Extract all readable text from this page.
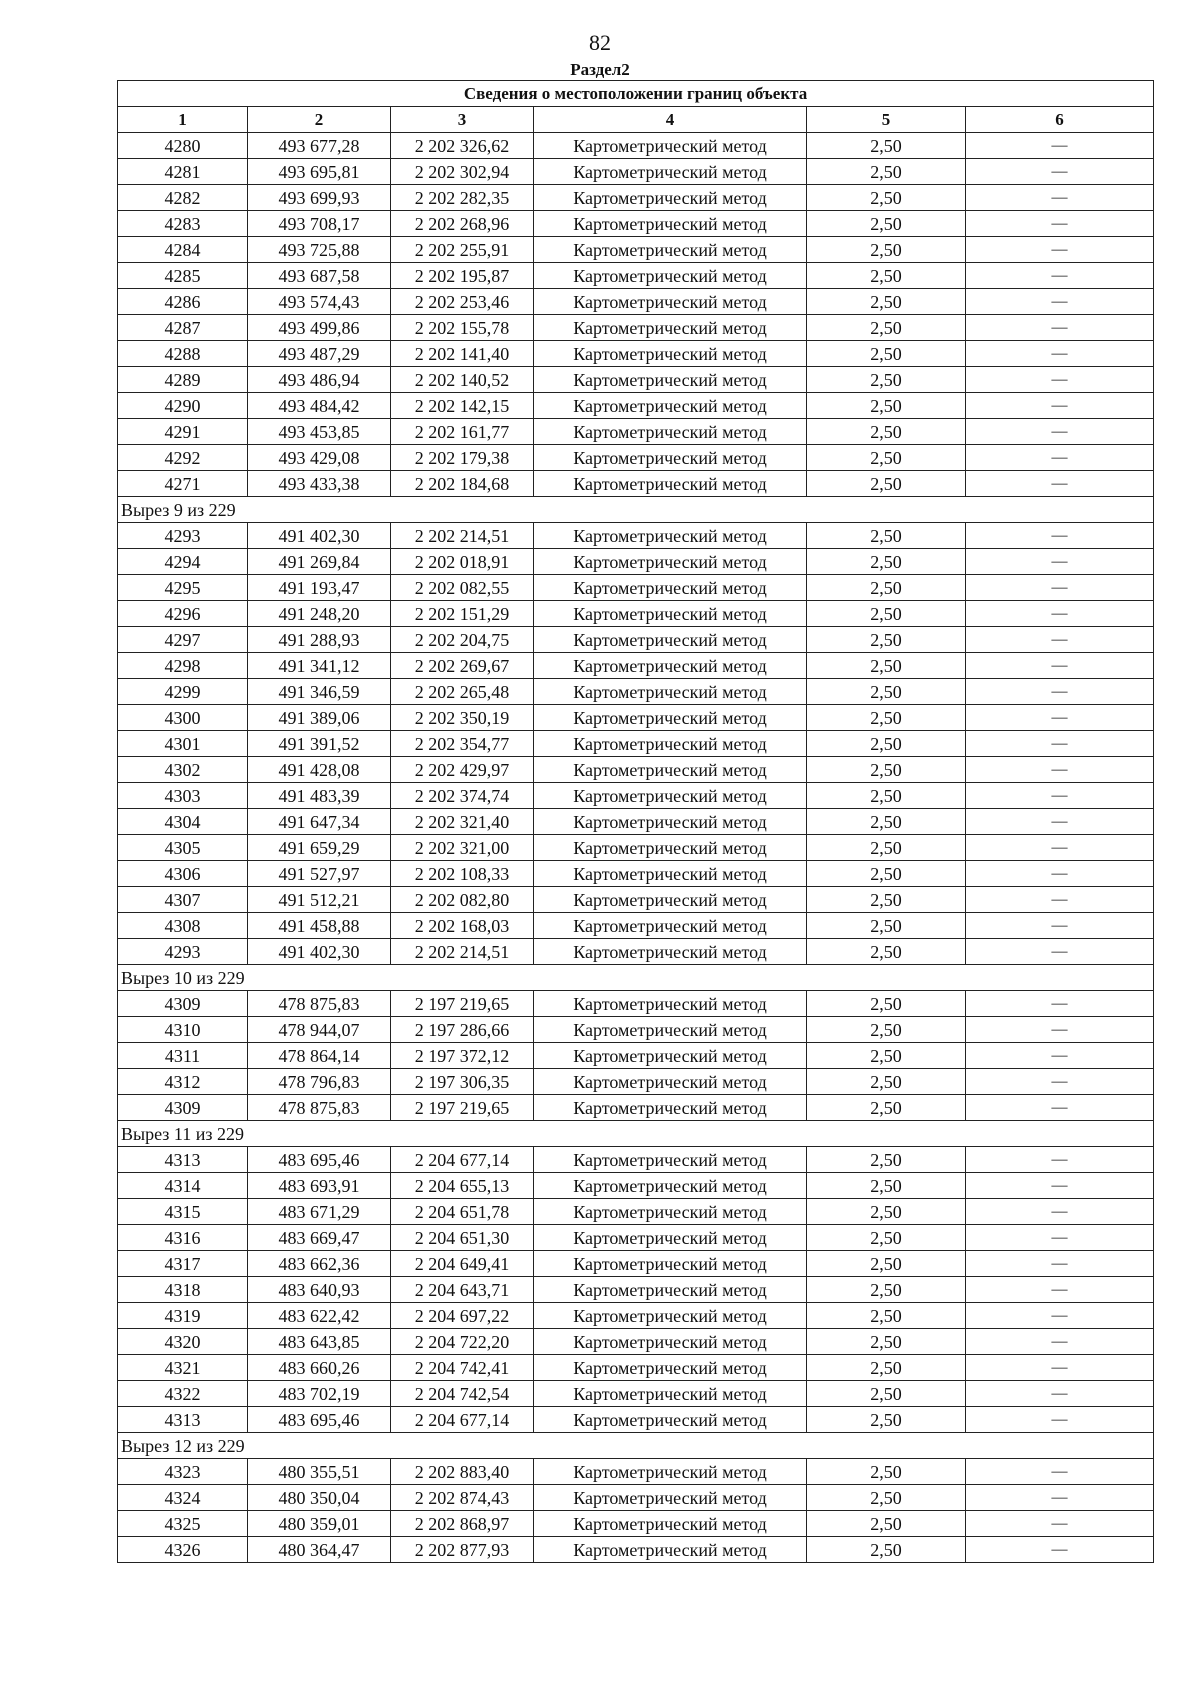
82
Раздел2
Сведения о местоположении границ объекта					
1	2	3	4	5	6
4280	493 677,28	2 202 326,62	Картометрический метод	2,50	—
4281	493 695,81	2 202 302,94	Картометрический метод	2,50	—
4282	493 699,93	2 202 282,35	Картометрический метод	2,50	—
4283	493 708,17	2 202 268,96	Картометрический метод	2,50	—
4284	493 725,88	2 202 255,91	Картометрический метод	2,50	—
4285	493 687,58	2 202 195,87	Картометрический метод	2,50	—
4286	493 574,43	2 202 253,46	Картометрический метод	2,50	—
4287	493 499,86	2 202 155,78	Картометрический метод	2,50	—
4288	493 487,29	2 202 141,40	Картометрический метод	2,50	—
4289	493 486,94	2 202 140,52	Картометрический метод	2,50	—
4290	493 484,42	2 202 142,15	Картометрический метод	2,50	—
4291	493 453,85	2 202 161,77	Картометрический метод	2,50	—
4292	493 429,08	2 202 179,38	Картометрический метод	2,50	—
4271	493 433,38	2 202 184,68	Картометрический метод	2,50	—
Вырез 9 из 229					
4293	491 402,30	2 202 214,51	Картометрический метод	2,50	—
4294	491 269,84	2 202 018,91	Картометрический метод	2,50	—
4295	491 193,47	2 202 082,55	Картометрический метод	2,50	—
4296	491 248,20	2 202 151,29	Картометрический метод	2,50	—
4297	491 288,93	2 202 204,75	Картометрический метод	2,50	—
4298	491 341,12	2 202 269,67	Картометрический метод	2,50	—
4299	491 346,59	2 202 265,48	Картометрический метод	2,50	—
4300	491 389,06	2 202 350,19	Картометрический метод	2,50	—
4301	491 391,52	2 202 354,77	Картометрический метод	2,50	—
4302	491 428,08	2 202 429,97	Картометрический метод	2,50	—
4303	491 483,39	2 202 374,74	Картометрический метод	2,50	—
4304	491 647,34	2 202 321,40	Картометрический метод	2,50	—
4305	491 659,29	2 202 321,00	Картометрический метод	2,50	—
4306	491 527,97	2 202 108,33	Картометрический метод	2,50	—
4307	491 512,21	2 202 082,80	Картометрический метод	2,50	—
4308	491 458,88	2 202 168,03	Картометрический метод	2,50	—
4293	491 402,30	2 202 214,51	Картометрический метод	2,50	—
Вырез 10 из 229					
4309	478 875,83	2 197 219,65	Картометрический метод	2,50	—
4310	478 944,07	2 197 286,66	Картометрический метод	2,50	—
4311	478 864,14	2 197 372,12	Картометрический метод	2,50	—
4312	478 796,83	2 197 306,35	Картометрический метод	2,50	—
4309	478 875,83	2 197 219,65	Картометрический метод	2,50	—
Вырез 11 из 229					
4313	483 695,46	2 204 677,14	Картометрический метод	2,50	—
4314	483 693,91	2 204 655,13	Картометрический метод	2,50	—
4315	483 671,29	2 204 651,78	Картометрический метод	2,50	—
4316	483 669,47	2 204 651,30	Картометрический метод	2,50	—
4317	483 662,36	2 204 649,41	Картометрический метод	2,50	—
4318	483 640,93	2 204 643,71	Картометрический метод	2,50	—
4319	483 622,42	2 204 697,22	Картометрический метод	2,50	—
4320	483 643,85	2 204 722,20	Картометрический метод	2,50	—
4321	483 660,26	2 204 742,41	Картометрический метод	2,50	—
4322	483 702,19	2 204 742,54	Картометрический метод	2,50	—
4313	483 695,46	2 204 677,14	Картометрический метод	2,50	—
Вырез 12 из 229					
4323	480 355,51	2 202 883,40	Картометрический метод	2,50	—
4324	480 350,04	2 202 874,43	Картометрический метод	2,50	—
4325	480 359,01	2 202 868,97	Картометрический метод	2,50	—
4326	480 364,47	2 202 877,93	Картометрический метод	2,50	—
